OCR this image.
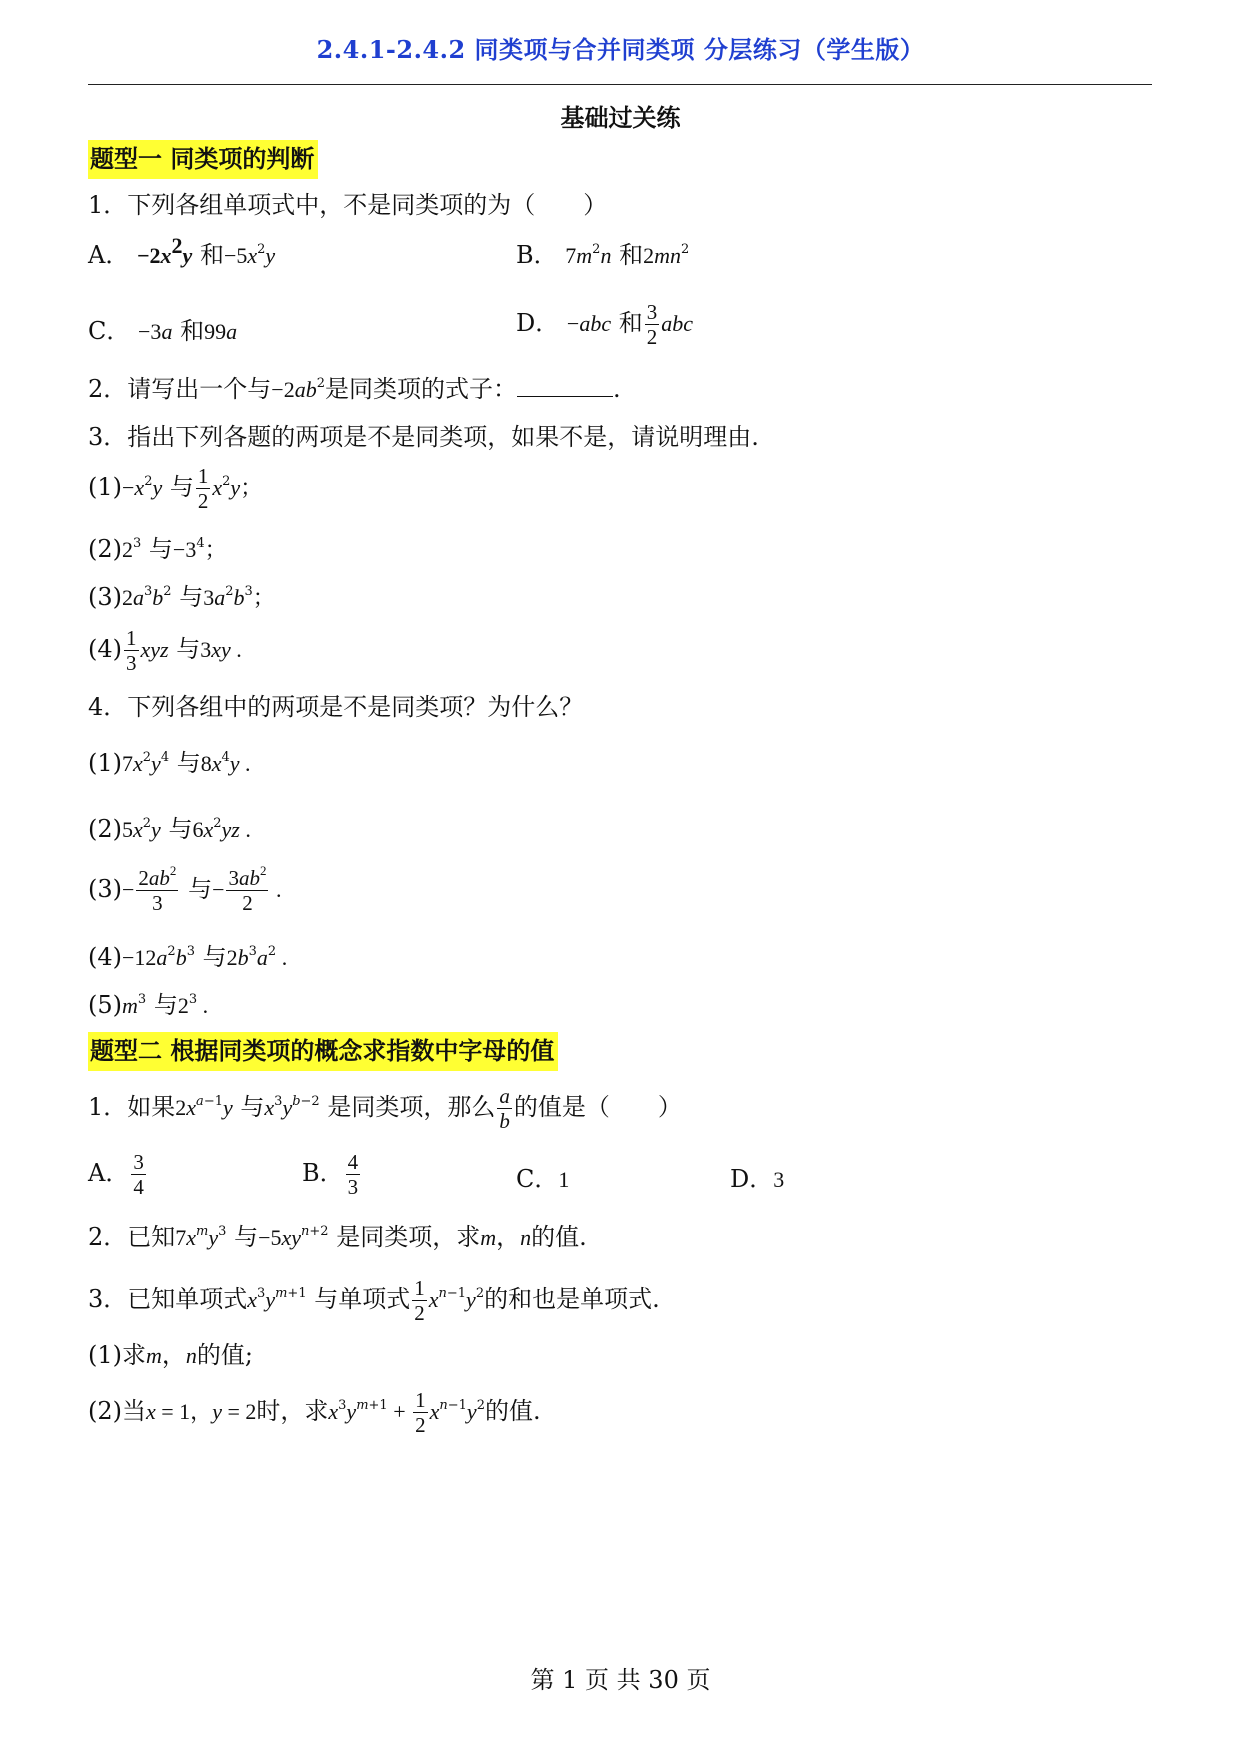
2.4.1-2.4.2 同类项与合并同类项 分层练习（学生版）
基础过关练
题型一 同类项的判断
1．下列各组单项式中，不是同类项的为（　　）
A． $-2x^2y$ 和$-5x^2y$	B． $7m^2n$ 和$2mn^2$
C． −3a 和99a	D． −abc 和 $\frac{3}{2}$ abc
2．请写出一个与$-2ab^2$是同类项的式子：	.
3．指出下列各题的两项是不是同类项，如果不是，请说明理由.
$(1)-x^2y$ 与 $\frac{1}{2} x^2y$；
$(2)2^3$ 与$-3^4$；
$(3)2a^3b^2$ 与$3a^2b^3$；
$(4) \frac{1}{3}$ xyz 与3xy .
4．下列各组中的两项是不是同类项？为什么？
$(1)7x^2y^4$ 与$8x^4y$ .
$(2)5x^2y$ 与$6x^2yz$ .
$(3)- \frac{2ab^2}{3}$ 与− $\frac{3ab^2}{2}$ .
$(4)-12a^2b^3$ 与$2b^3a^2$ .
$(5)m^3$ 与$2^3$ .
题型二 根据同类项的概念求指数中字母的值
1．如果$2x^{a-1}y$ 与$x^3y^{b-2}$ 是同类项，那么 $\frac{a}{b}$ 的值是（　　）
A． $\frac{3}{4}$	B． $\frac{4}{3}$	C．1	D．3
2．已知$7x^my^3$ 与$-5xy^{n+2}$ 是同类项，求m，n的值.
3．已知单项式$x^3y^{m+1}$ 与单项式 $\frac{1}{2} x^{n-1}y^2$的和也是单项式.
(1)求m，n的值;
(2)当x = 1，y = 2时，求$x^3y^{m+1} + \frac{1}{2} x^{n-1}y^2$的值.
第 1 页 共 30 页
